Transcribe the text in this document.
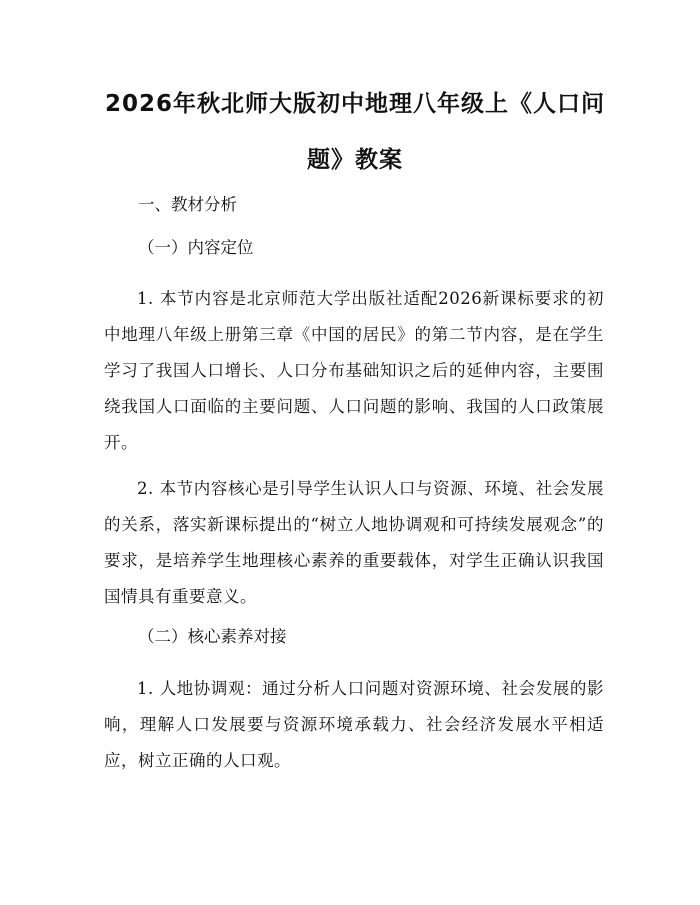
2026年秋北师大版初中地理八年级上《人口问题》教案

一、教材分析

（一）内容定位

1. 本节内容是北京师范大学出版社适配2026新课标要求的初中地理八年级上册第三章《中国的居民》的第二节内容，是在学生学习了我国人口增长、人口分布基础知识之后的延伸内容，主要围绕我国人口面临的主要问题、人口问题的影响、我国的人口政策展开。

2. 本节内容核心是引导学生认识人口与资源、环境、社会发展的关系，落实新课标提出的“树立人地协调观和可持续发展观念”的要求，是培养学生地理核心素养的重要载体，对学生正确认识我国国情具有重要意义。

（二）核心素养对接

1. 人地协调观：通过分析人口问题对资源环境、社会发展的影响，理解人口发展要与资源环境承载力、社会经济发展水平相适应，树立正确的人口观。
